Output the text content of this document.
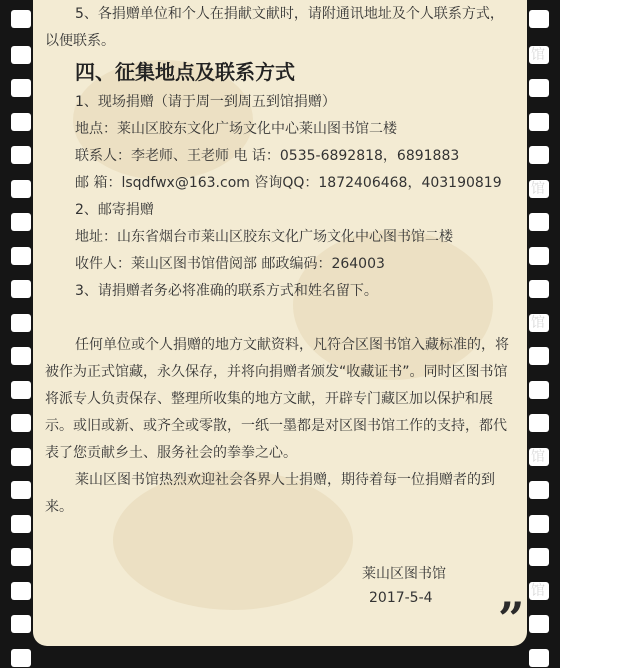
馆
馆
馆
馆
馆

5、各捐赠单位和个人在捐献文献时，请附通讯地址及个人联系方式，以便联系。

四、征集地点及联系方式

1、现场捐赠（请于周一到周五到馆捐赠）

地点：莱山区胶东文化广场文化中心莱山图书馆二楼

联系人：李老师、王老师 电 话：0535-6892818，6891883

邮 箱：lsqdfwx@163.com 咨询QQ：1872406468，403190819

2、邮寄捐赠

地址：山东省烟台市莱山区胶东文化广场文化中心图书馆二楼

收件人：莱山区图书馆借阅部 邮政编码：264003

3、请捐赠者务必将准确的联系方式和姓名留下。

任何单位或个人捐赠的地方文献资料，凡符合区图书馆入藏标准的，将被作为正式馆藏，永久保存，并将向捐赠者颁发“收藏证书”。同时区图书馆将派专人负责保存、整理所收集的地方文献，开辟专门藏区加以保护和展示。或旧或新、或齐全或零散，一纸一墨都是对区图书馆工作的支持，都代表了您贡献乡土、服务社会的拳拳之心。

莱山区图书馆热烈欢迎社会各界人士捐赠，期待着每一位捐赠者的到来。

莱山区图书馆
2017-5-4 ”
